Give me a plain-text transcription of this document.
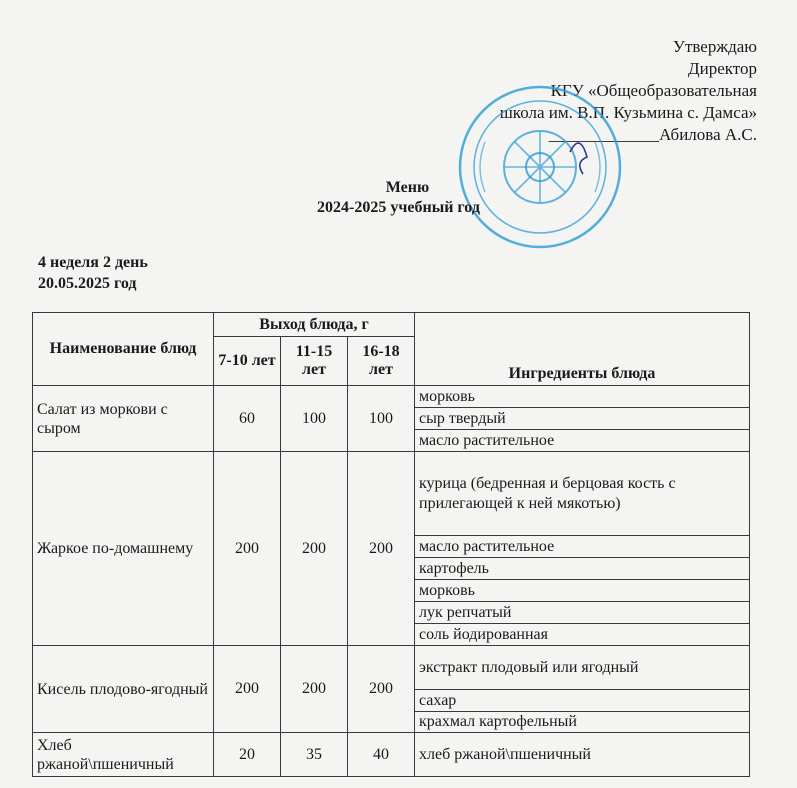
Утверждаю
Директор
КГУ «Общеобразовательная
школа им. В.П. Кузьмина с. Дамса»
_____________Абилова А.С.
Меню
2024-2025 учебный год
4 неделя 2 день
20.05.2025 год
Наименование блюд	Выход блюда, г			Ингредиенты блюда
	7-10 лет	11-15 лет	16-18 лет	
Салат из моркови с сыром	60	100	100	морковь
				сыр твердый
				масло растительное
Жаркое по-домашнему	200	200	200	курица (бедренная и берцовая кость с прилегающей к ней мякотью)
				масло растительное
				картофель
				морковь
				лук репчатый
				соль йодированная
Кисель плодово-ягодный	200	200	200	экстракт плодовый или ягодный
				сахар
				крахмал картофельный
Хлеб ржаной\пшеничный	20	35	40	хлеб ржаной\пшеничный
